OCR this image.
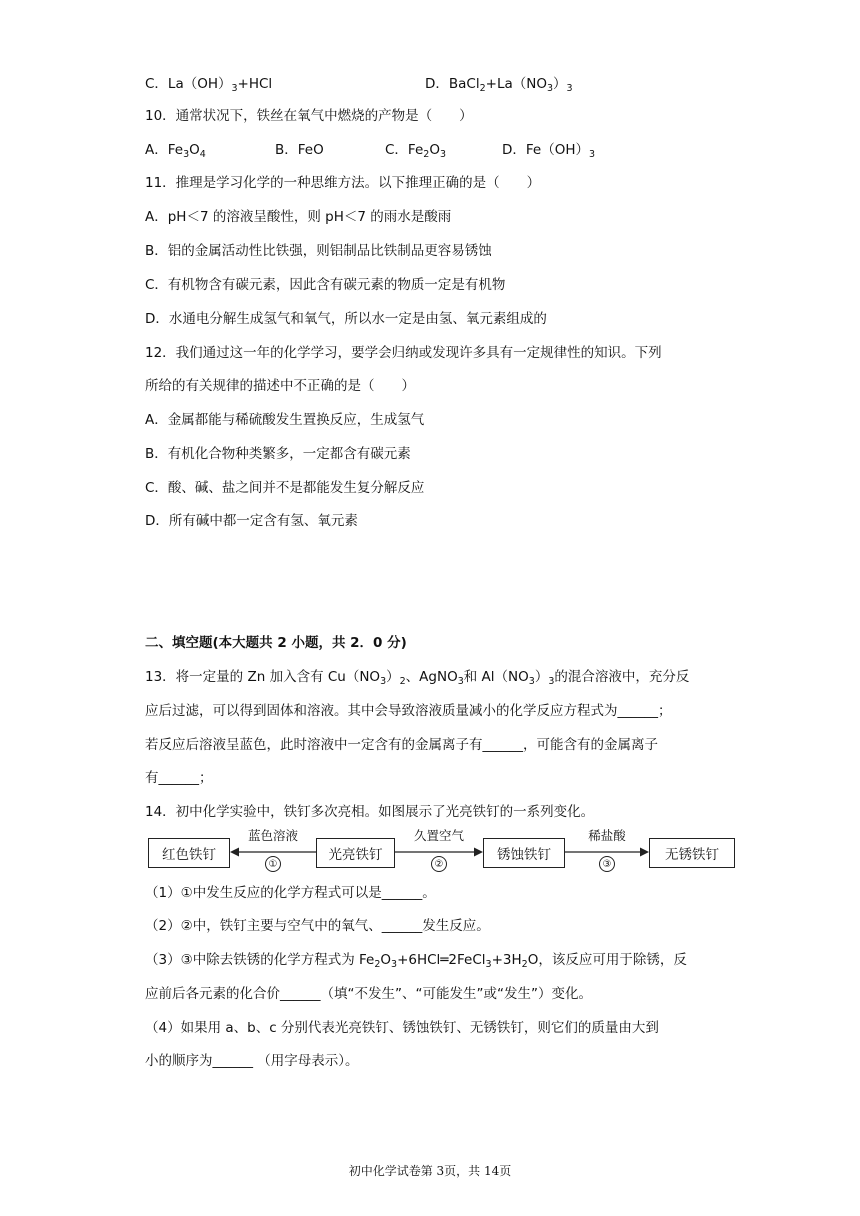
C．$La(OH)_3+HCl$	D．$BaCl_2+La(NO_3)_3$
10．通常状况下，铁丝在氧气中燃烧的产物是（　　）
A．$Fe_3O_4$	B．FeO	C．$Fe_2O_3$	D．$Fe(OH)_3$
11．推理是学习化学的一种思维方法。以下推理正确的是（　　）
A．pH＜7 的溶液呈酸性，则 pH＜7 的雨水是酸雨
B．铝的金属活动性比铁强，则铝制品比铁制品更容易锈蚀
C．有机物含有碳元素，因此含有碳元素的物质一定是有机物
D．水通电分解生成氢气和氧气，所以水一定是由氢、氧元素组成的
12．我们通过这一年的化学学习，要学会归纳或发现许多具有一定规律性的知识。下列
所给的有关规律的描述中不正确的是（　　）
A．金属都能与稀硫酸发生置换反应，生成氢气
B．有机化合物种类繁多，一定都含有碳元素
C．酸、碱、盐之间并不是都能发生复分解反应
D．所有碱中都一定含有氢、氧元素
二、填空题(本大题共 2 小题，共 2．0 分)
13．将一定量的 Zn 加入含有 $Cu(NO_3)_2$、AgNO$_3$和 $Al(NO_3)_3$的混合溶液中，充分反
应后过滤，可以得到固体和溶液。其中会导致溶液质量减小的化学反应方程式为______；
若反应后溶液呈蓝色，此时溶液中一定含有的金属离子有______，可能含有的金属离子
有______；
14．初中化学实验中，铁钉多次亮相。如图展示了光亮铁钉的一系列变化。
红色铁钉
蓝色溶液
①
光亮铁钉
久置空气
②
锈蚀铁钉
稀盐酸
③
无锈铁钉
（1）①中发生反应的化学方程式可以是______。
（2）②中，铁钉主要与空气中的氧气、______发生反应。
（3）③中除去铁锈的化学方程式为 $Fe_2O_3+6HCl═2FeCl_3+3H_2O$，该反应可用于除锈，反
应前后各元素的化合价______（填“不发生”、“可能发生”或“发生”）变化。
（4）如果用 a、b、c 分别代表光亮铁钉、锈蚀铁钉、无锈铁钉，则它们的质量由大到
小的顺序为______ （用字母表示）。
初中化学试卷第 3页，共 14页
